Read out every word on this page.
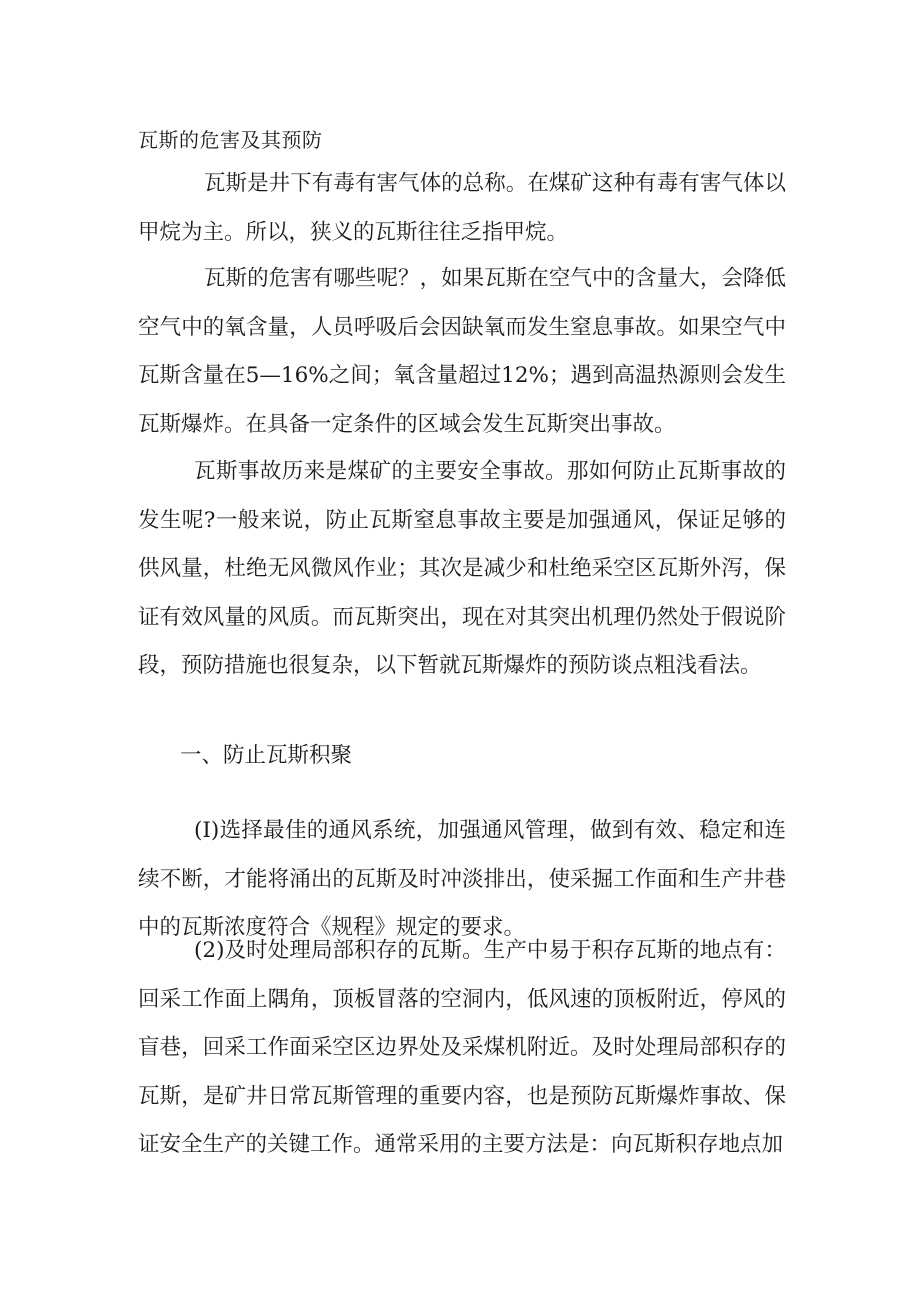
瓦斯的危害及其预防

瓦斯是井下有毒有害气体的总称。在煤矿这种有毒有害气体以甲烷为主。所以，狭义的瓦斯往往乏指甲烷。

瓦斯的危害有哪些呢？，如果瓦斯在空气中的含量大，会降低空气中的氧含量，人员呼吸后会因缺氧而发生窒息事故。如果空气中瓦斯含量在5—16%之间；氧含量超过12%；遇到高温热源则会发生瓦斯爆炸。在具备一定条件的区域会发生瓦斯突出事故。

瓦斯事故历来是煤矿的主要安全事故。那如何防止瓦斯事故的发生呢?一般来说，防止瓦斯窒息事故主要是加强通风，保证足够的供风量，杜绝无风微风作业；其次是减少和杜绝采空区瓦斯外泻，保证有效风量的风质。而瓦斯突出，现在对其突出机理仍然处于假说阶段，预防措施也很复杂，以下暂就瓦斯爆炸的预防谈点粗浅看法。

一、防止瓦斯积聚

(I)选择最佳的通风系统，加强通风管理，做到有效、稳定和连续不断，才能将涌出的瓦斯及时冲淡排出，使采掘工作面和生产井巷中的瓦斯浓度符合《规程》规定的要求。

(2)及时处理局部积存的瓦斯。生产中易于积存瓦斯的地点有：回采工作面上隅角，顶板冒落的空洞内，低风速的顶板附近，停风的盲巷，回采工作面采空区边界处及采煤机附近。及时处理局部积存的瓦斯，是矿井日常瓦斯管理的重要内容，也是预防瓦斯爆炸事故、保证安全生产的关键工作。通常采用的主要方法是：向瓦斯积存地点加
